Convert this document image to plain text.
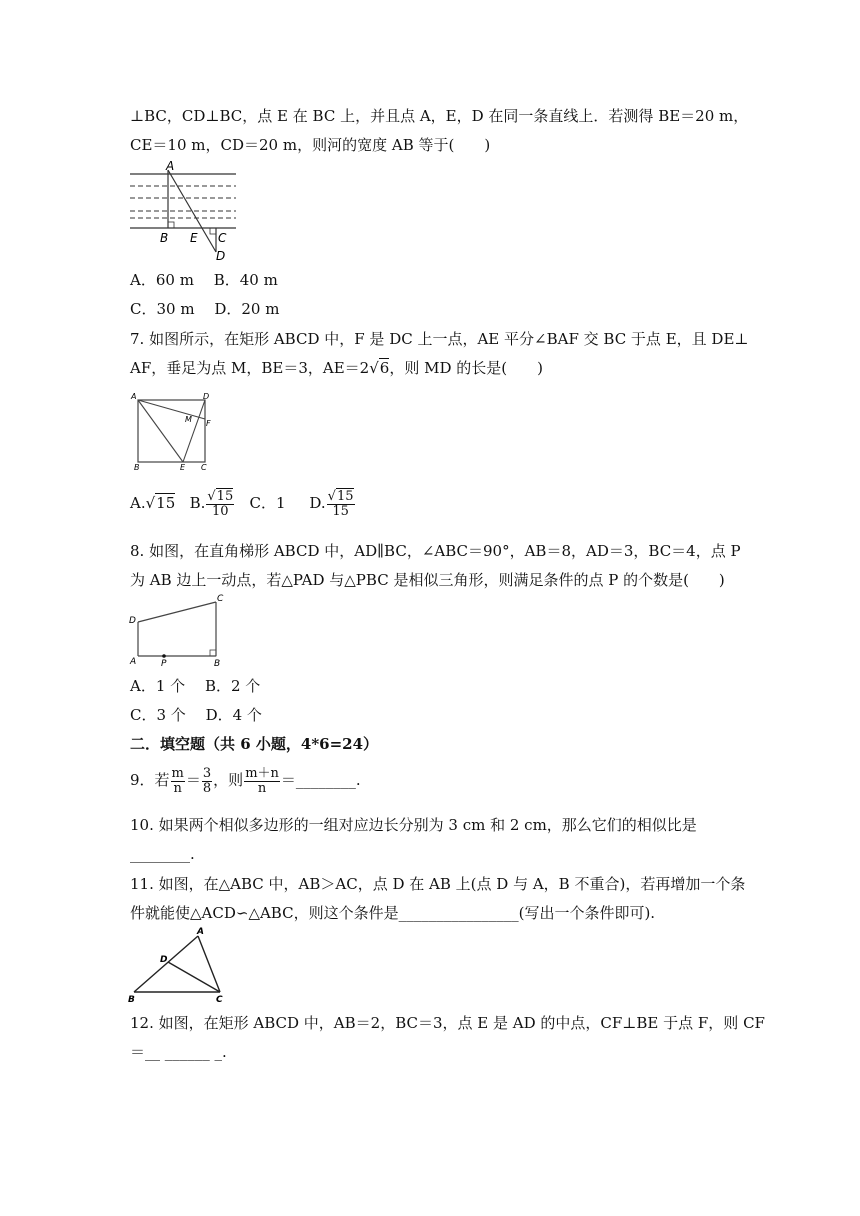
⊥BC，CD⊥BC，点 E 在 BC 上，并且点 A，E，D 在同一条直线上．若测得 BE＝20 m，
CE＝10 m，CD＝20 m，则河的宽度 AB 等于(　　)
A
B E C
D
A．60 m　 B．40 m
C．30 m　 D．20 m
7. 如图所示，在矩形 ABCD 中，F 是 DC 上一点，AE 平分∠BAF 交 BC 于点 E，且 DE⊥
AF，垂足为点 M，BE＝3，AE＝2√6，则 MD 的长是(　　)
A	D
M F
B	E C
A.√15 B. $\frac{√15}{10}$ C．1 D. $\frac{√15}{15}$
8. 如图，在直角梯形 ABCD 中，AD∥BC，∠ABC＝90°，AB＝8，AD＝3，BC＝4，点 P
为 AB 边上一动点，若△PAD 与△PBC 是相似三角形，则满足条件的点 P 的个数是(　　)
D
C
A	P	B
A．1 个　 B．2 个
C．3 个　 D．4 个
二．填空题（共 6 小题，4*6=24）
9．若 $\frac{m}{n} = \frac{3}{8}$ ，则 $\frac{m+n}{n}$ ＝________.
10. 如果两个相似多边形的一组对应边长分别为 3 cm 和 2 cm，那么它们的相似比是
________.
11. 如图，在△ABC 中，AB＞AC，点 D 在 AB 上(点 D 与 A，B 不重合)，若再增加一个条
件就能使△ACD∽△ABC，则这个条件是________________(写出一个条件即可).
A
D
B	C
12. 如图，在矩形 ABCD 中，AB＝2，BC＝3，点 E 是 AD 的中点，CF⊥BE 于点 F，则 CF
＝__ ______ _.
